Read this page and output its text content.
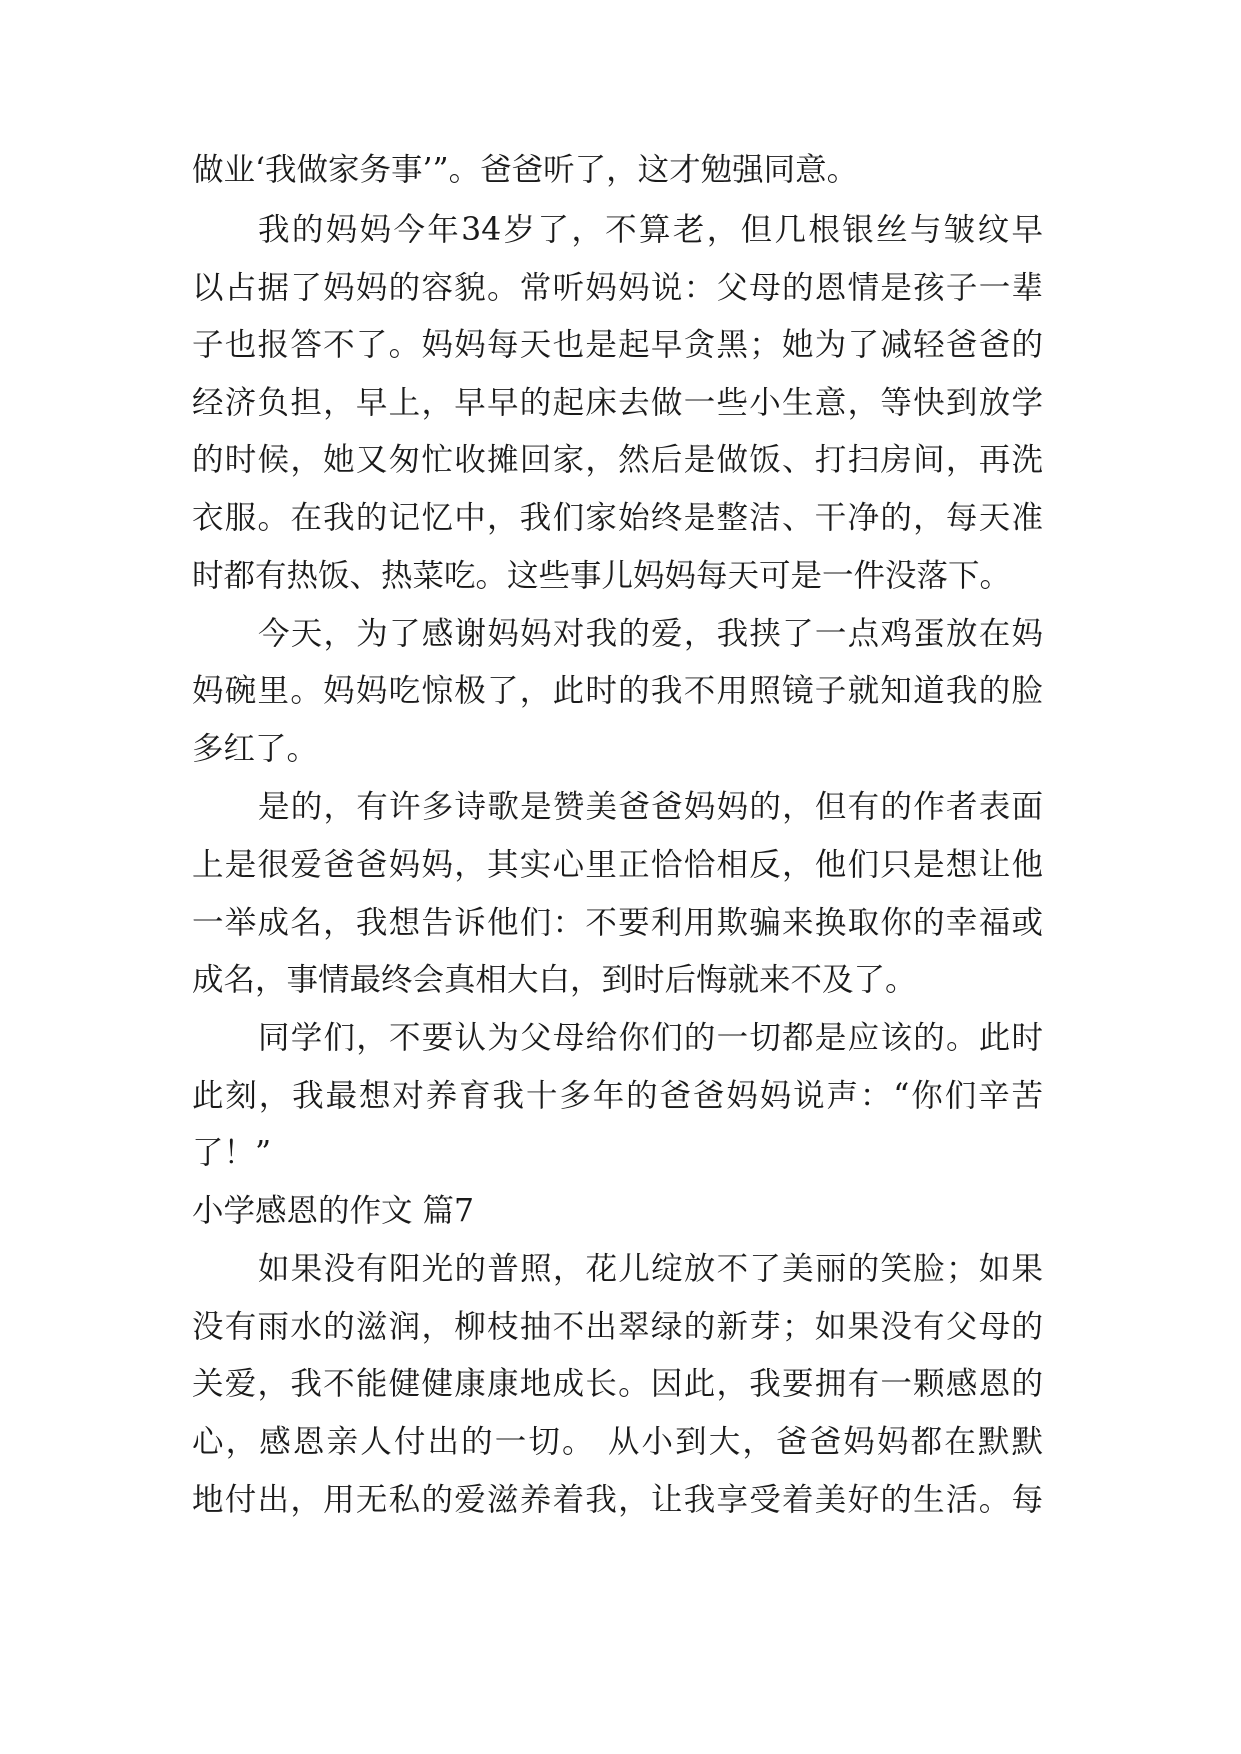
做业‘我做家务事’”。爸爸听了，这才勉强同意。
我的妈妈今年34岁了，不算老，但几根银丝与皱纹早
以占据了妈妈的容貌。常听妈妈说：父母的恩情是孩子一辈
子也报答不了。妈妈每天也是起早贪黑；她为了减轻爸爸的
经济负担，早上，早早的起床去做一些小生意，等快到放学
的时候，她又匆忙收摊回家，然后是做饭、打扫房间，再洗
衣服。在我的记忆中，我们家始终是整洁、干净的，每天准
时都有热饭、热菜吃。这些事儿妈妈每天可是一件没落下。
今天，为了感谢妈妈对我的爱，我挟了一点鸡蛋放在妈
妈碗里。妈妈吃惊极了，此时的我不用照镜子就知道我的脸
多红了。
是的，有许多诗歌是赞美爸爸妈妈的，但有的作者表面
上是很爱爸爸妈妈，其实心里正恰恰相反，他们只是想让他
一举成名，我想告诉他们：不要利用欺骗来换取你的幸福或
成名，事情最终会真相大白，到时后悔就来不及了。
同学们，不要认为父母给你们的一切都是应该的。此时
此刻，我最想对养育我十多年的爸爸妈妈说声：“你们辛苦
了！”
小学感恩的作文 篇7
如果没有阳光的普照，花儿绽放不了美丽的笑脸；如果
没有雨水的滋润，柳枝抽不出翠绿的新芽；如果没有父母的
关爱，我不能健健康康地成长。因此，我要拥有一颗感恩的
心，感恩亲人付出的一切。 从小到大，爸爸妈妈都在默默
地付出，用无私的爱滋养着我，让我享受着美好的生活。每
